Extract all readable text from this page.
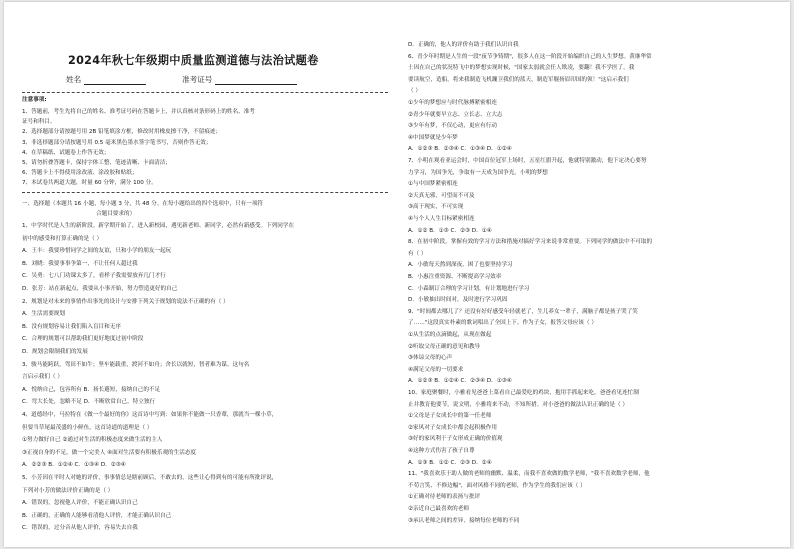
2024年秋七年级期中质量监测道德与法治试题卷
姓名	准考证号
注意事项:
1、答题前，考生先将自己的姓名、准考证号码在答题卡上，并认真核对条形码上的姓名、准考
证号和科目。
2、选择题部分请按题号用 2B 铅笔填涂方框，修改时用橡皮擦干净，不留痕迹；
3、非选择题部分请按题号用 0.5 毫米黑色墨水签字笔书写，否则作答无效；
4、在草稿纸、试题卷上作答无效；
5、请勿折叠答题卡，保持字体工整、笔迹清晰、卡面清洁；
6、答题卡上不得使用涂改液、涂改胶和贴纸；
7、本试卷共两道大题，时量 60 分钟，满分 100 分。
一、选择题（本题共 16 小题，每小题 3 分，共 48 分。在每小题给出的四个选项中，只有一项符
合题目要求的）
1、中学时代是人生的新阶段。新学期开始了，进入新校园，遇见新老师、新同学，必然有新感受。下列同学在
初中的感受和打算正确的是（ ）
A．王丰：我要珍惜同学之间的友谊，只和小学的朋友一起玩
B．刘晓：我要事事争第一，不让任何人超过我
C．吴勇：七八门功课太多了，看样子我需要放弃几门才行
D．张芳：站在新起点，我要从小事开始，努力塑造更好的自己
2、规划是对未来的事情作出事先的设计与安排下列关于规划的说法不正确的有（ ）
A．生活需要规划
B．没有规划容易让我们陷入盲目和无序
C．合理的规划可以帮助我们更好地度过初中阶段
D．规划会限制我们的发展
3、骏马能跨跃，驾田不如牛；坚车能载重，渡河不如舟；舍长以就短，智者难为谋。这句名
言启示我们（ ）
A．悦纳自己，包容所有 B．扬长避短，接纳自己的不足
C．弯大长处，忽略不足 D．不断欣赏自己，特立独行
4、道德经中，马拉特在《做一个最好的你》这首诗中写到：如果你不能做一只香蕈，那就当一棵小草，
但要当草尾最茂盛的小鲜鱼，这首诗道的道理是（ ）
①努力做好自己 ②通过对生活的积极态度来做生活的主人
③正视自身的不足，做一个完美人 ④面对生活要有积极乐观的生活态度
A．②②③ B．①②④ C．①③④ D．②③④
5、小芳因在平时人对她的评价，事事情总是瞎前顾后，不敢去的，这些让心得到有的可能有所批评说，
下列对小芳的做法评价正确的是（ ）
A．错误的，忽视他人评价，不能正确认识自己
B．正确的，正确的人能够看清他人评价，才能正确认识自己
C．错误的，过分音从他人评价，容易失去自我
D．正确的，他人的评价有助于我们认识自我
6、青少年时期是人生的一段"夜节争铸期"，很多人在这一阶段开始编织自己的人生梦想。黄继华常
士因在自己的状况特飞中的梦想实现时候，"国家太弱就会任人欺凌，要翻！我不学医了，我
要读航空，造船，将来我制造飞机蹦卫我们的蓝天，制造军舰扬眉印国的领！"这启示我们
（ ）
①少年的梦想应与时代脉搏紧密相连
②青少年就要早立志、立长志、立大志
③少年有梦，不仅心动，更应有行动
④中国梦就是少年梦
A．①②③ B．②③④ C．①③④ D．①②④
7、小明在观看亚运会时，中国首位冠军上场时，五星红旗升起，他就特别激动，他下定决心要努
力学习，为国争光，争取有一天成为国争光。小明的梦想
①与中国梦紧密相连
②天真无邪，可望而不可及
③高于现实，不可实现
④与个人人生目标紧密相连
A．①② B．①③ C．②③ D．①④
8、在初中阶段，掌握有效的学习方法和措施对搞好学习来说非常重要。下列同学的做法中不可取的
有（ ）
A．小敏每天熬到深夜，困了也要坚持学习
B．小惠注重资源、不断提高学习效率
C．小森制订合理的学习计划，有计划地进行学习
D．小敏抽出时间对，及时进行学习巩固
9、"时间都去哪儿了？还没有好好感受年轻就老了，生儿养女一辈子，满脑子都是孩子哭了笑
了……"这段真实朴素的歌词唱出了全国上下。作为子女，报答父母应该（ ）
①从生活的点滴做起，从现在做起
②听取父母正确的意见和教导
③体谅父母的心声
④满足父母的一切要求
A．①②③ B．①②④ C．②③④ D．①③④
10、家庭聚餐时，小雅看见爸爸上菜看自己最爱吃的鸡块，抱用手抓起来吃，爸爸看见连忙制
止并教育他要节，说文明，小雅将来不动，不知所措。对小爸爸的做法认识正确的是（ ）
①父母是子女成长中的第一任老师
②家风对子女成长中都会起积极作用
③好的家风利于子女形成正确的价值观
④这种方式伤害了孩子自尊
A．①③ B．①② C．②③ D．②④
11、"我喜欢乐于助人做的老师的幽默、温柔，而我不喜欢做的数学老师，"我不喜欢数学老师，他
不苟言笑、不修边幅"，面对风格不同的老师，作为学生的我们应该（ ）
①正确对待老师的表扬与批评
②亲近自己最喜欢的老师
③承认老师之间的差异，接纳每位老师的不同
